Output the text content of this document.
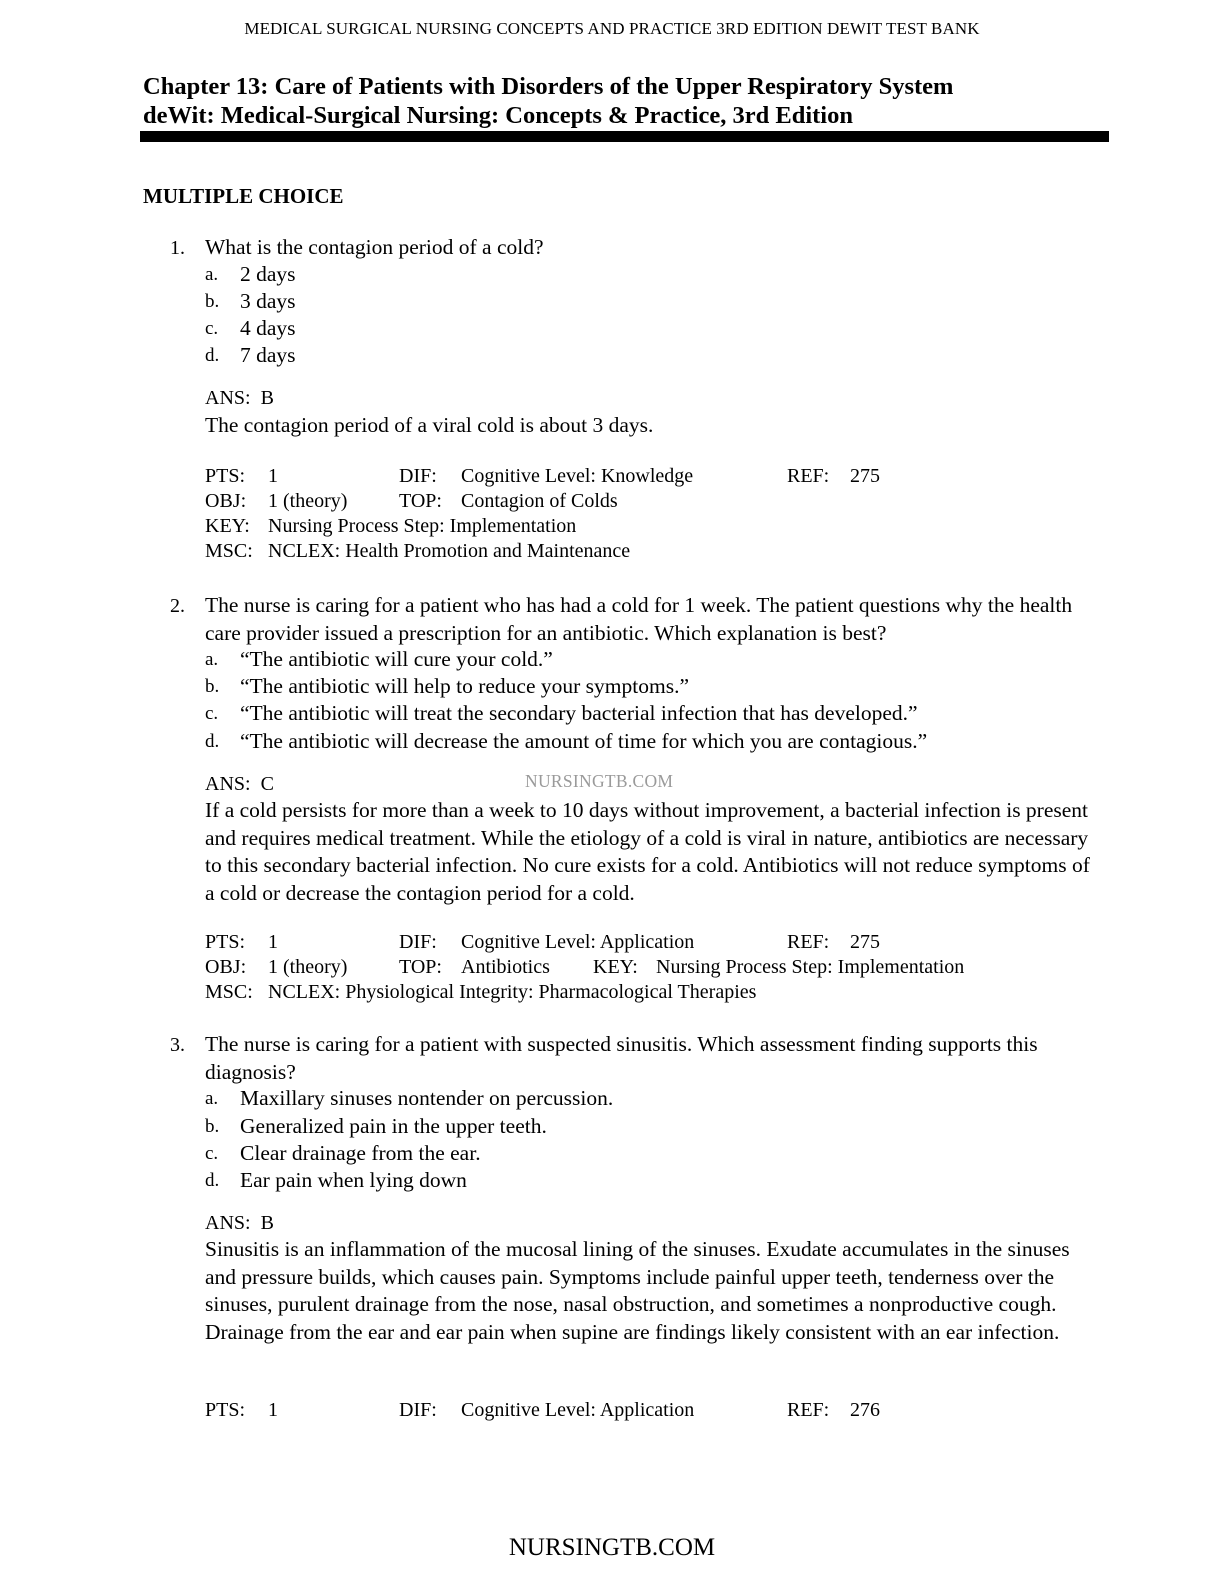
MEDICAL SURGICAL NURSING CONCEPTS AND PRACTICE 3RD EDITION DEWIT TEST BANK
Chapter 13: Care of Patients with Disorders of the Upper Respiratory System
deWit: Medical-Surgical Nursing: Concepts & Practice, 3rd Edition
MULTIPLE CHOICE
1. What is the contagion period of a cold?
a. 2 days
b. 3 days
c. 4 days
d. 7 days
ANS: B
The contagion period of a viral cold is about 3 days.
PTS: 1	DIF: Cognitive Level: Knowledge	REF: 275
OBJ: 1 (theory)	TOP: Contagion of Colds
KEY: Nursing Process Step: Implementation
MSC: NCLEX: Health Promotion and Maintenance
2. The nurse is caring for a patient who has had a cold for 1 week. The patient questions why the health care provider issued a prescription for an antibiotic. Which explanation is best?
a. “The antibiotic will cure your cold.”
b. “The antibiotic will help to reduce your symptoms.”
c. “The antibiotic will treat the secondary bacterial infection that has developed.”
d. “The antibiotic will decrease the amount of time for which you are contagious.”
ANS: C
If a cold persists for more than a week to 10 days without improvement, a bacterial infection is present and requires medical treatment. While the etiology of a cold is viral in nature, antibiotics are necessary to this secondary bacterial infection. No cure exists for a cold. Antibiotics will not reduce symptoms of a cold or decrease the contagion period for a cold.
PTS: 1	DIF: Cognitive Level: Application	REF: 275
OBJ: 1 (theory)	TOP: Antibiotics KEY: Nursing Process Step: Implementation
MSC: NCLEX: Physiological Integrity: Pharmacological Therapies
NURSINGTB.COM
3. The nurse is caring for a patient with suspected sinusitis. Which assessment finding supports this diagnosis?
a. Maxillary sinuses nontender on percussion.
b. Generalized pain in the upper teeth.
c. Clear drainage from the ear.
d. Ear pain when lying down
ANS: B
Sinusitis is an inflammation of the mucosal lining of the sinuses. Exudate accumulates in the sinuses and pressure builds, which causes pain. Symptoms include painful upper teeth, tenderness over the sinuses, purulent drainage from the nose, nasal obstruction, and sometimes a nonproductive cough. Drainage from the ear and ear pain when supine are findings likely consistent with an ear infection.
PTS: 1	DIF: Cognitive Level: Application	REF: 276
NURSINGTB.COM
